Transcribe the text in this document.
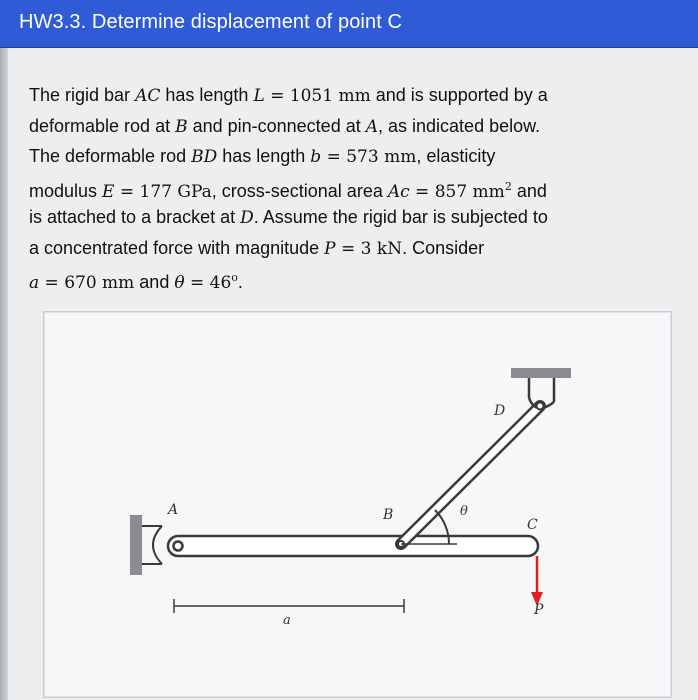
HW3.3. Determine displacement of point C
The rigid bar AC has length L = 1051 mm and is supported by a
deformable rod at B and pin-connected at A, as indicated below.
The deformable rod BD has length b = 573 mm, elasticity
modulus E = 177 GPa, cross-sectional area Ac = 857 $mm^2$ and
is attached to a bracket at D. Assume the rigid bar is subjected to
a concentrated force with magnitude P = 3 kN. Consider
a = 670 mm and $\theta = 46^o$.
A	B
C
D
P
θ
a
